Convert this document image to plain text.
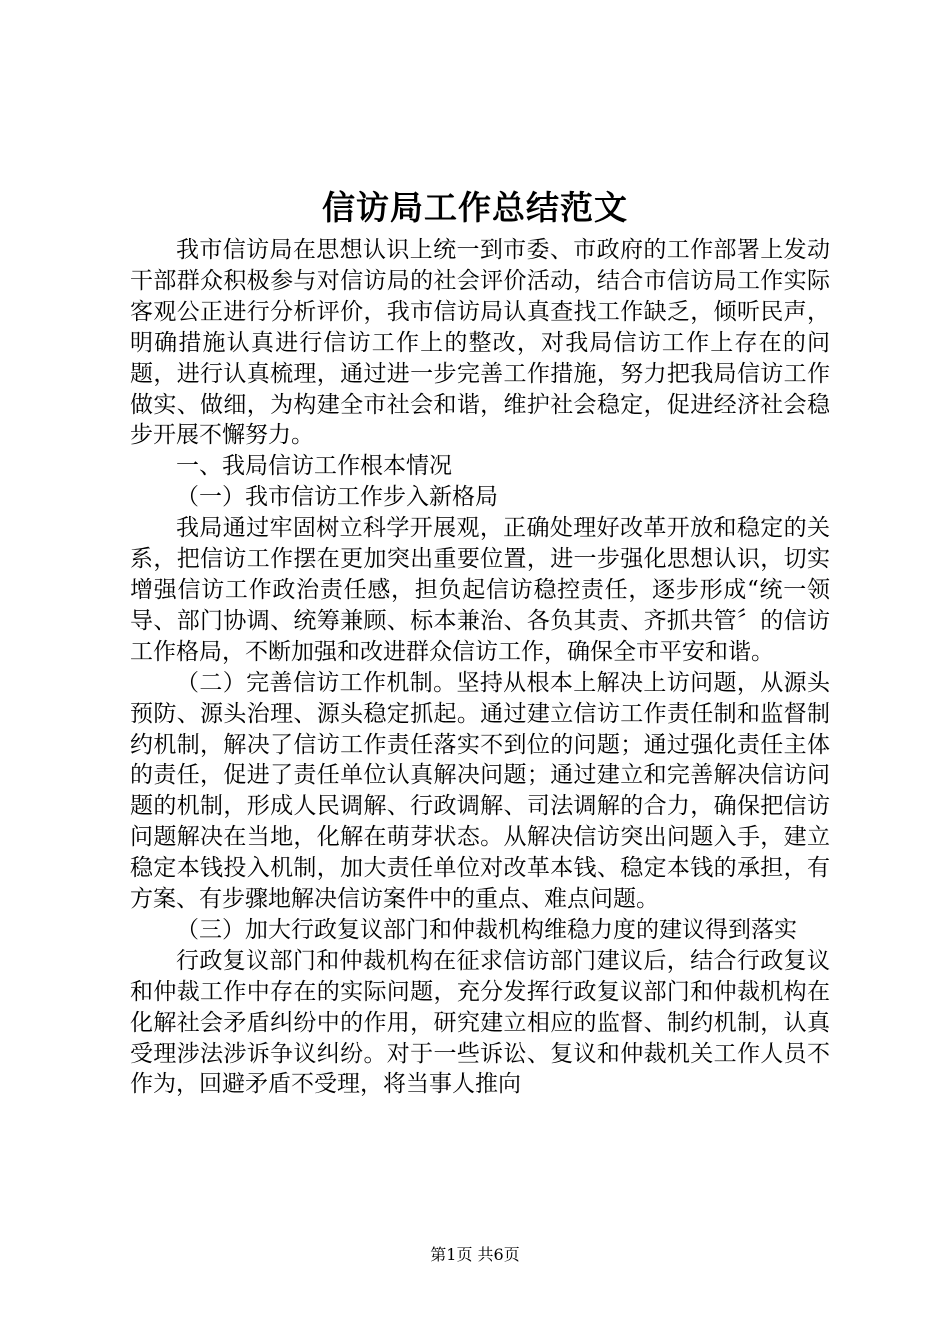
信访局工作总结范文

我市信访局在思想认识上统一到市委、市政府的工作部署上发动干部群众积极参与对信访局的社会评价活动，结合市信访局工作实际客观公正进行分析评价，我市信访局认真查找工作缺乏，倾听民声，明确措施认真进行信访工作上的整改，对我局信访工作上存在的问题，进行认真梳理，通过进一步完善工作措施，努力把我局信访工作做实、做细，为构建全市社会和谐，维护社会稳定，促进经济社会稳步开展不懈努力。

一、我局信访工作根本情况

（一）我市信访工作步入新格局

我局通过牢固树立科学开展观，正确处理好改革开放和稳定的关系，把信访工作摆在更加突出重要位置，进一步强化思想认识，切实增强信访工作政治责任感，担负起信访稳控责任，逐步形成“统一领导、部门协调、统筹兼顾、标本兼治、各负其责、齐抓共管〞的信访工作格局，不断加强和改进群众信访工作，确保全市平安和谐。

（二）完善信访工作机制。坚持从根本上解决上访问题，从源头预防、源头治理、源头稳定抓起。通过建立信访工作责任制和监督制约机制，解决了信访工作责任落实不到位的问题；通过强化责任主体的责任，促进了责任单位认真解决问题；通过建立和完善解决信访问题的机制，形成人民调解、行政调解、司法调解的合力，确保把信访问题解决在当地，化解在萌芽状态。从解决信访突出问题入手，建立稳定本钱投入机制，加大责任单位对改革本钱、稳定本钱的承担，有方案、有步骤地解决信访案件中的重点、难点问题。

（三）加大行政复议部门和仲裁机构维稳力度的建议得到落实

行政复议部门和仲裁机构在征求信访部门建议后，结合行政复议和仲裁工作中存在的实际问题，充分发挥行政复议部门和仲裁机构在化解社会矛盾纠纷中的作用，研究建立相应的监督、制约机制，认真受理涉法涉诉争议纠纷。对于一些诉讼、复议和仲裁机关工作人员不作为，回避矛盾不受理，将当事人推向

第1页 共6页
